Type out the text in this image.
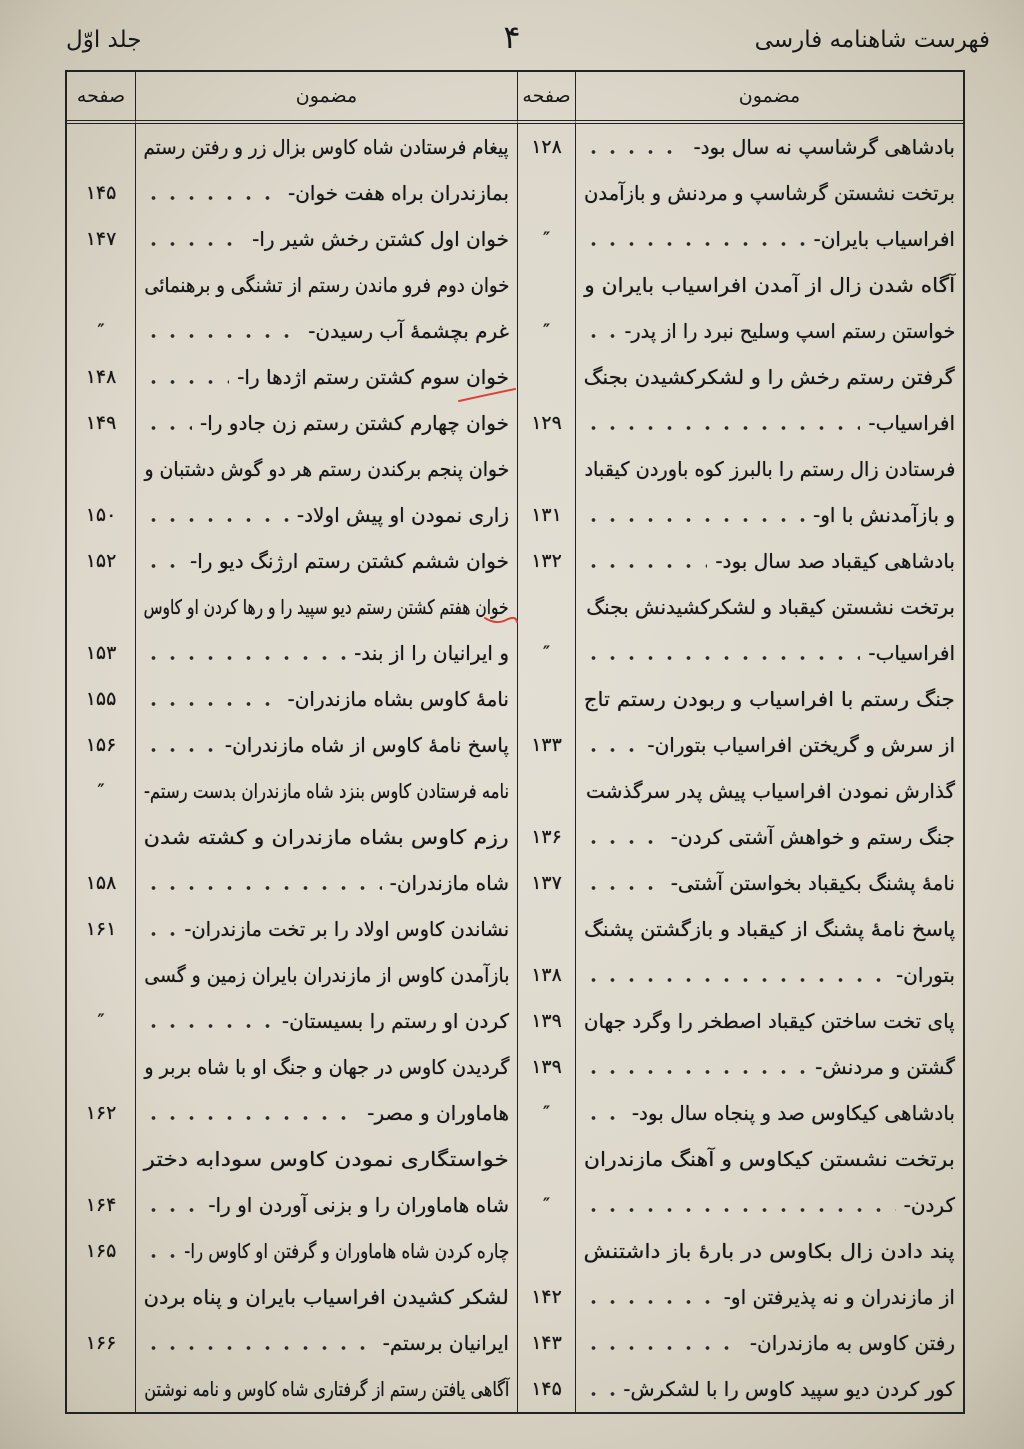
فهرست شاهنامه فارسی
۴
جلد اوّل
مضمون
صفحه
مضمون
صفحه
بادشاهی گرشاسپ نه سال بود-
۱۲۸
پیغام فرستادن شاه کاوس بزال زر و رفتن رستم
برتخت نشستن گرشاسپ و مردنش و بازآمدن
بمازندران براه هفت خوان-
۱۴۵
افراسیاب بایران-
″
خوان اول کشتن رخش شیر را-
۱۴۷
آگاه شدن زال از آمدن افراسیاب بایران و
خوان دوم فرو ماندن رستم از تشنگی و برهنمائی
خواستن رستم اسپ وسلیح نبرد را از پدر-
″
غرم بچشمهٔ آب رسیدن-
″
گرفتن رستم رخش را و لشکرکشیدن بجنگ
خوان سوم کشتن رستم اژدها را-
۱۴۸
افراسیاب-
۱۲۹
خوان چهارم کشتن رستم زن جادو را-
۱۴۹
فرستادن زال رستم را بالبرز کوه باوردن کیقباد
خوان پنجم برکندن رستم هر دو گوش دشتبان و
و بازآمدنش با او-
۱۳۱
زاری نمودن او پیش اولاد-
۱۵۰
بادشاهی کیقباد صد سال بود-
۱۳۲
خوان ششم کشتن رستم ارژنگ دیو را-
۱۵۲
برتخت نشستن کیقباد و لشکرکشیدنش بجنگ
خوان هفتم کشتن رستم دیو سپید را و رها کردن او کاوس
افراسیاب-
″
و ایرانیان را از بند-
۱۵۳
جنگ رستم با افراسیاب و ربودن رستم تاج
نامهٔ کاوس بشاه مازندران-
۱۵۵
از سرش و گریختن افراسیاب بتوران-
۱۳۳
پاسخ نامهٔ کاوس از شاه مازندران-
۱۵۶
گذارش نمودن افراسیاب پیش پدر سرگذشت
نامه فرستادن کاوس بنزد شاه مازندران بدست رستم-
″
جنگ رستم و خواهش آشتی کردن-
۱۳۶
رزم کاوس بشاه مازندران و کشته شدن
نامهٔ پشنگ بکیقباد بخواستن آشتی-
۱۳۷
شاه مازندران-
۱۵۸
پاسخ نامهٔ پشنگ از کیقباد و بازگشتن پشنگ
نشاندن کاوس اولاد را بر تخت مازندران-
۱۶۱
بتوران-
۱۳۸
بازآمدن کاوس از مازندران بایران زمین و گسی
پای تخت ساختن کیقباد اصطخر را وگرد جهان
۱۳۹
کردن او رستم را بسیستان-
″
گشتن و مردنش-
۱۳۹
گردیدن کاوس در جهان و جنگ او با شاه بربر و
بادشاهی کیکاوس صد و پنجاه سال بود-
″
هاماوران و مصر-
۱۶۲
برتخت نشستن کیکاوس و آهنگ مازندران
خواستگاری نمودن کاوس سودابه دختر
کردن-
″
شاه هاماوران را و بزنی آوردن او را-
۱۶۴
پند دادن زال بکاوس در بارهٔ باز داشتنش
چاره کردن شاه هاماوران و گرفتن او کاوس را-
۱۶۵
از مازندران و نه پذیرفتن او-
۱۴۲
لشکر کشیدن افراسیاب بایران و پناه بردن
رفتن کاوس به مازندران-
۱۴۳
ایرانیان برستم-
۱۶۶
کور کردن دیو سپید کاوس را با لشکرش-
۱۴۵
آگاهی یافتن رستم از گرفتاری شاه کاوس و نامه نوشتن
